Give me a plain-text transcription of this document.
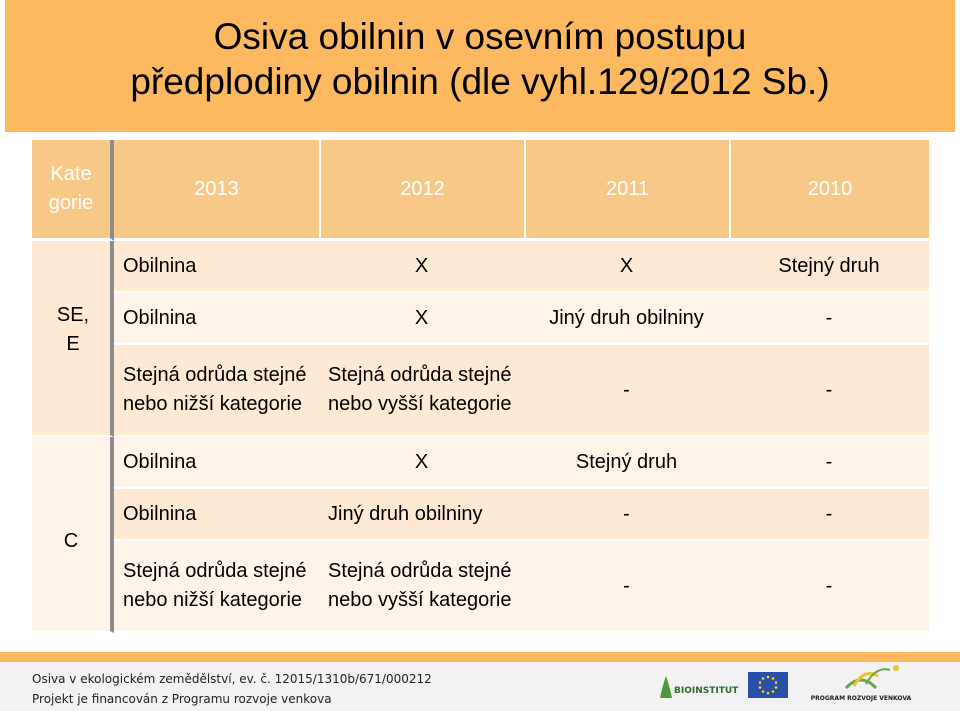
Osiva obilnin v osevním postupu
předplodiny obilnin (dle vyhl.129/2012 Sb.)
Kate gorie	2013	2012	2011	2010

SE, E	Obilnina	X	X	Stejný druh
	Obilnina	X	Jiný druh obilniny	-

	Stejná odrůda stejné nebo nižší kategorie	Stejná odrůda stejné nebo vyšší kategorie	-	-

C	Obilnina	X	Stejný druh	-
	Obilnina	Jiný druh obilniny	-	-

	Stejná odrůda stejné nebo nižší kategorie	Stejná odrůda stejné nebo vyšší kategorie	-	-
Osiva v ekologickém zemědělství, ev. č. 12015/1310b/671/000212
Projekt je financován z Programu rozvoje venkova
BIOINSTITUT
PROGRAM ROZVOJE VENKOVA
